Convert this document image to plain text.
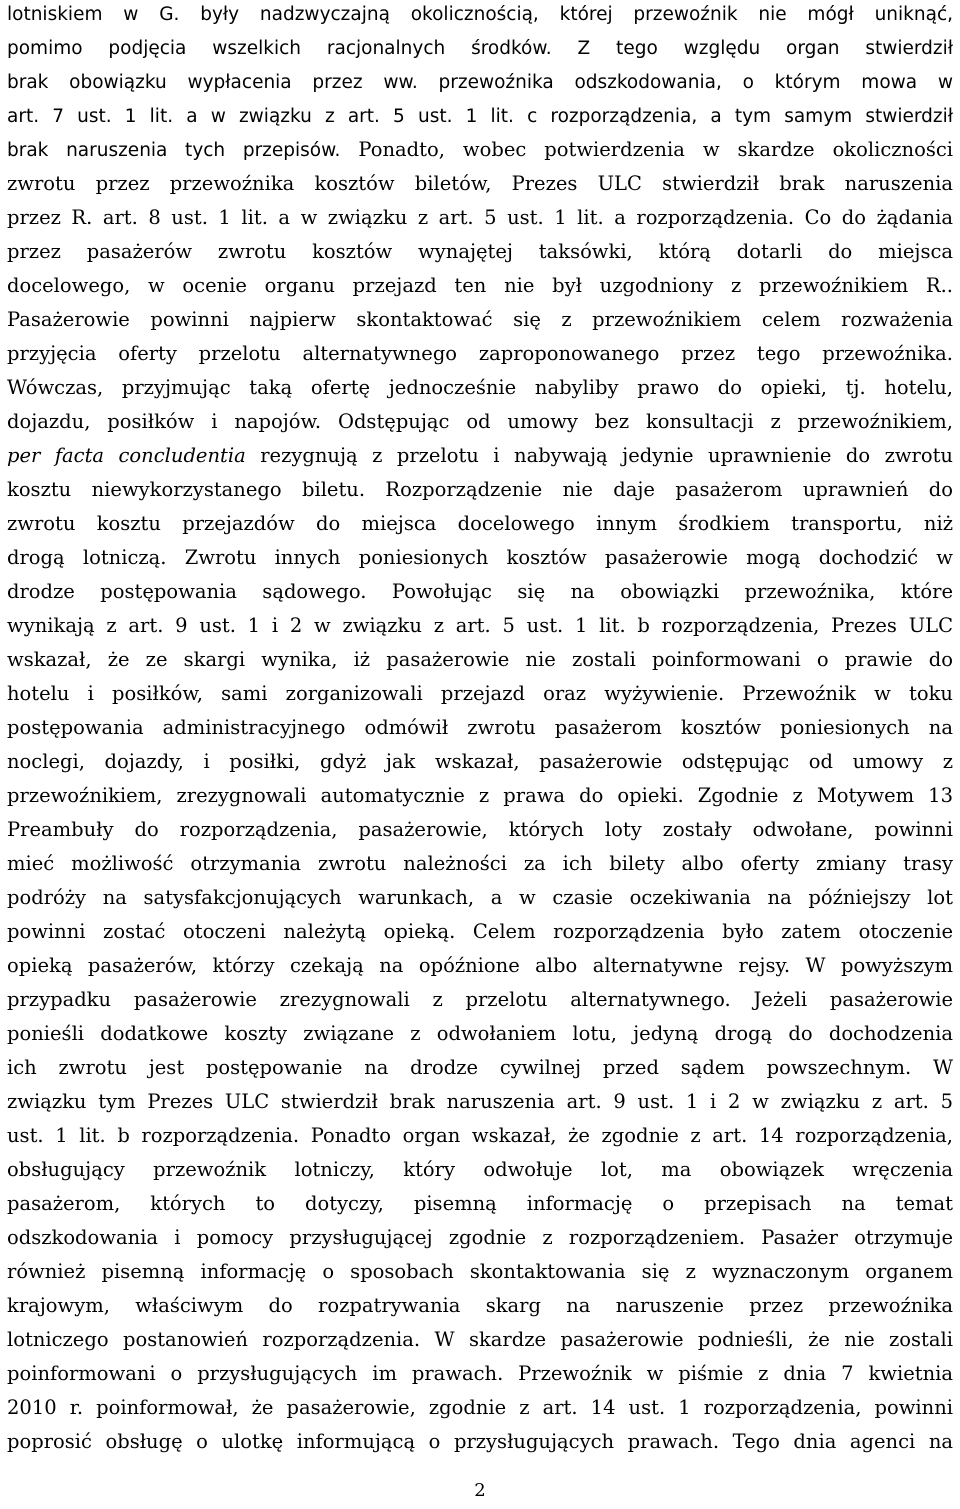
lotniskiem w G. były nadzwyczajną okolicznością, której przewoźnik nie mógł uniknąć,
pomimo podjęcia wszelkich racjonalnych środków. Z tego względu organ stwierdził
brak obowiązku wypłacenia przez ww. przewoźnika odszkodowania, o którym mowa w
art. 7 ust. 1 lit. a w związku z art. 5 ust. 1 lit. c rozporządzenia, a tym samym stwierdził
brak naruszenia tych przepisów. Ponadto, wobec potwierdzenia w skardze okoliczności
zwrotu przez przewoźnika kosztów biletów, Prezes ULC stwierdził brak naruszenia
przez R. art. 8 ust. 1 lit. a w związku z art. 5 ust. 1 lit. a rozporządzenia. Co do żądania
przez pasażerów zwrotu kosztów wynajętej taksówki, którą dotarli do miejsca
docelowego, w ocenie organu przejazd ten nie był uzgodniony z przewoźnikiem R..
Pasażerowie powinni najpierw skontaktować się z przewoźnikiem celem rozważenia
przyjęcia oferty przelotu alternatywnego zaproponowanego przez tego przewoźnika.
Wówczas, przyjmując taką ofertę jednocześnie nabyliby prawo do opieki, tj. hotelu,
dojazdu, posiłków i napojów. Odstępując od umowy bez konsultacji z przewoźnikiem,
per facta concludentia rezygnują z przelotu i nabywają jedynie uprawnienie do zwrotu
kosztu niewykorzystanego biletu. Rozporządzenie nie daje pasażerom uprawnień do
zwrotu kosztu przejazdów do miejsca docelowego innym środkiem transportu, niż
drogą lotniczą. Zwrotu innych poniesionych kosztów pasażerowie mogą dochodzić w
drodze postępowania sądowego. Powołując się na obowiązki przewoźnika, które
wynikają z art. 9 ust. 1 i 2 w związku z art. 5 ust. 1 lit. b rozporządzenia, Prezes ULC
wskazał, że ze skargi wynika, iż pasażerowie nie zostali poinformowani o prawie do
hotelu i posiłków, sami zorganizowali przejazd oraz wyżywienie. Przewoźnik w toku
postępowania administracyjnego odmówił zwrotu pasażerom kosztów poniesionych na
noclegi, dojazdy, i posiłki, gdyż jak wskazał, pasażerowie odstępując od umowy z
przewoźnikiem, zrezygnowali automatycznie z prawa do opieki. Zgodnie z Motywem 13
Preambuły do rozporządzenia, pasażerowie, których loty zostały odwołane, powinni
mieć możliwość otrzymania zwrotu należności za ich bilety albo oferty zmiany trasy
podróży na satysfakcjonujących warunkach, a w czasie oczekiwania na późniejszy lot
powinni zostać otoczeni należytą opieką. Celem rozporządzenia było zatem otoczenie
opieką pasażerów, którzy czekają na opóźnione albo alternatywne rejsy. W powyższym
przypadku pasażerowie zrezygnowali z przelotu alternatywnego. Jeżeli pasażerowie
ponieśli dodatkowe koszty związane z odwołaniem lotu, jedyną drogą do dochodzenia
ich zwrotu jest postępowanie na drodze cywilnej przed sądem powszechnym. W
związku tym Prezes ULC stwierdził brak naruszenia art. 9 ust. 1 i 2 w związku z art. 5
ust. 1 lit. b rozporządzenia. Ponadto organ wskazał, że zgodnie z art. 14 rozporządzenia,
obsługujący przewoźnik lotniczy, który odwołuje lot, ma obowiązek wręczenia
pasażerom, których to dotyczy, pisemną informację o przepisach na temat
odszkodowania i pomocy przysługującej zgodnie z rozporządzeniem. Pasażer otrzymuje
również pisemną informację o sposobach skontaktowania się z wyznaczonym organem
krajowym, właściwym do rozpatrywania skarg na naruszenie przez przewoźnika
lotniczego postanowień rozporządzenia. W skardze pasażerowie podnieśli, że nie zostali
poinformowani o przysługujących im prawach. Przewoźnik w piśmie z dnia 7 kwietnia
2010 r. poinformował, że pasażerowie, zgodnie z art. 14 ust. 1 rozporządzenia, powinni
poprosić obsługę o ulotkę informującą o przysługujących prawach. Tego dnia agenci na
2
